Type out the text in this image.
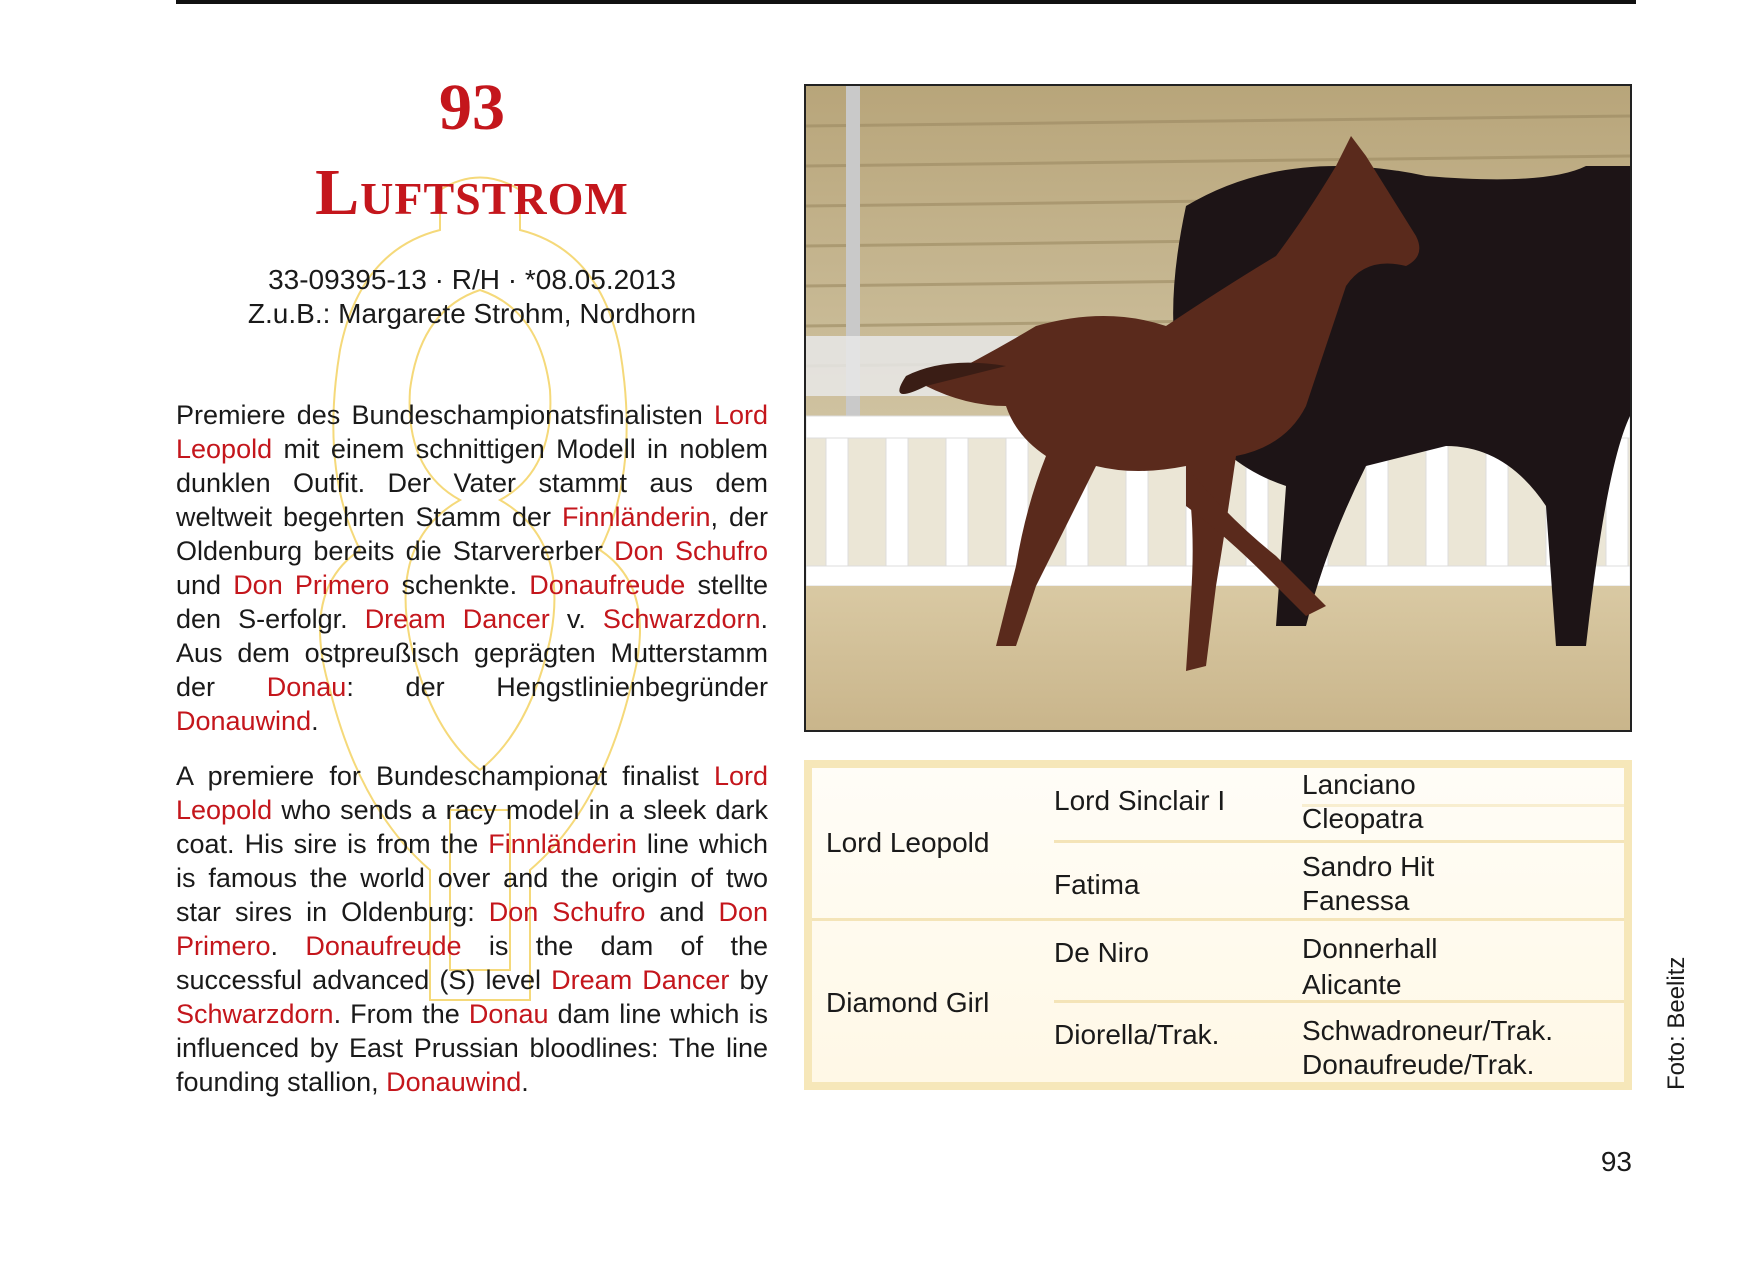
93
Luftstrom
33-09395-13 · R/H · *08.05.2013
Z.u.B.: Margarete Strohm, Nordhorn
Premiere des Bundeschampionatsfinalisten Lord Leopold mit einem schnittigen Modell in noblem dunklen Outfit. Der Vater stammt aus dem weltweit begehrten Stamm der Finnländerin, der Oldenburg bereits die Starvererber Don Schufro und Don Primero schenkte. Donaufreude stellte den S-erfolgr. Dream Dancer v. Schwarzdorn. Aus dem ostpreußisch geprägten Mutterstamm der Donau: der Hengstlinienbegründer Donauwind.
A premiere for Bundeschampionat finalist Lord Leopold who sends a racy model in a sleek dark coat. His sire is from the Finnländerin line which is famous the world over and the origin of two star sires in Oldenburg: Don Schufro and Don Primero. Donaufreude is the dam of the successful advanced (S) level Dream Dancer by Schwarzdorn. From the Donau dam line which is influenced by East Prussian bloodlines: The line founding stallion, Donauwind.
Lord Leopold
Diamond Girl
Lord Sinclair I
Fatima
De Niro
Diorella/Trak.
Lanciano
Cleopatra
Sandro Hit
Fanessa
Donnerhall
Alicante
Schwadroneur/Trak.
Donaufreude/Trak.	Foto: Beelitz
93
